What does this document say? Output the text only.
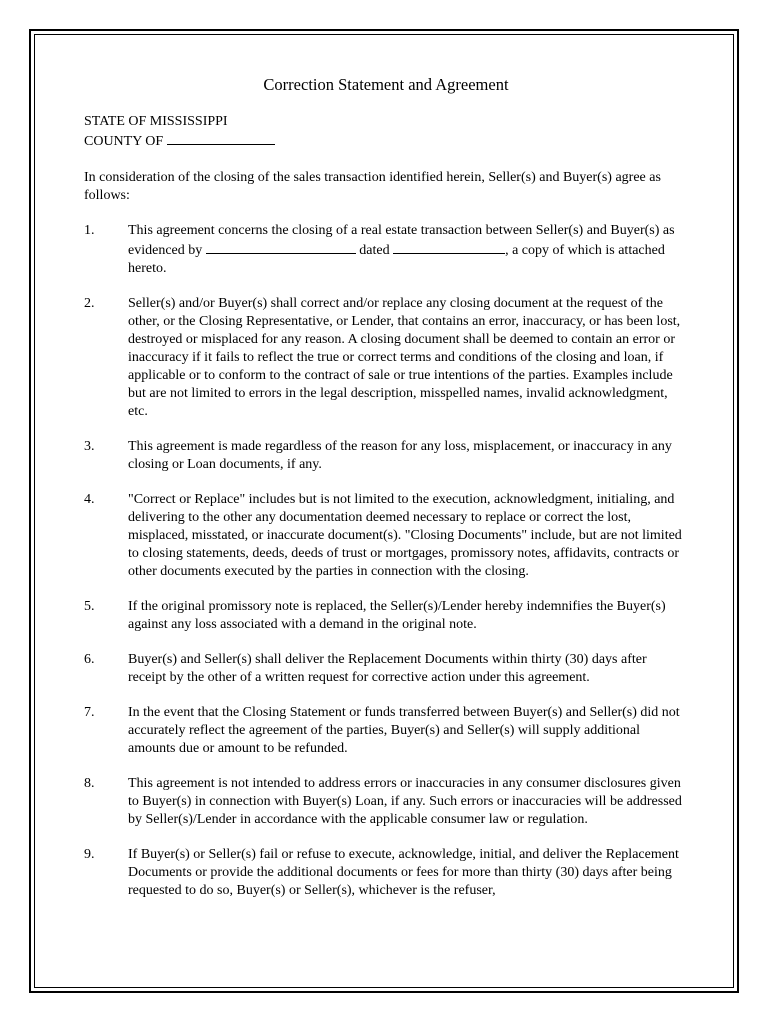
Correction Statement and Agreement
STATE OF MISSISSIPPI
COUNTY OF
In consideration of the closing of the sales transaction identified herein, Seller(s) and Buyer(s) agree as follows:
1.	This agreement concerns the closing of a real estate transaction between Seller(s) and Buyer(s) as evidenced by	dated	, a copy of which is attached hereto.
2.	Seller(s) and/or Buyer(s) shall correct and/or replace any closing document at the request of the other, or the Closing Representative, or Lender, that contains an error, inaccuracy, or has been lost, destroyed or misplaced for any reason. A closing document shall be deemed to contain an error or inaccuracy if it fails to reflect the true or correct terms and conditions of the closing and loan, if applicable or to conform to the contract of sale or true intentions of the parties. Examples include but are not limited to errors in the legal description, misspelled names, invalid acknowledgment, etc.
3.	This agreement is made regardless of the reason for any loss, misplacement, or inaccuracy in any closing or Loan documents, if any.
4.	"Correct or Replace" includes but is not limited to the execution, acknowledgment, initialing, and delivering to the other any documentation deemed necessary to replace or correct the lost, misplaced, misstated, or inaccurate document(s). "Closing Documents" include, but are not limited to closing statements, deeds, deeds of trust or mortgages, promissory notes, affidavits, contracts or other documents executed by the parties in connection with the closing.
5.	If the original promissory note is replaced, the Seller(s)/Lender hereby indemnifies the Buyer(s) against any loss associated with a demand in the original note.
6.	Buyer(s) and Seller(s) shall deliver the Replacement Documents within thirty (30) days after receipt by the other of a written request for corrective action under this agreement.
7.	In the event that the Closing Statement or funds transferred between Buyer(s) and Seller(s) did not accurately reflect the agreement of the parties, Buyer(s) and Seller(s) will supply additional amounts due or amount to be refunded.
8.	This agreement is not intended to address errors or inaccuracies in any consumer disclosures given to Buyer(s) in connection with Buyer(s) Loan, if any. Such errors or inaccuracies will be addressed by Seller(s)/Lender in accordance with the applicable consumer law or regulation.
9.	If Buyer(s) or Seller(s) fail or refuse to execute, acknowledge, initial, and deliver the Replacement Documents or provide the additional documents or fees for more than thirty (30) days after being requested to do so, Buyer(s) or Seller(s), whichever is the refuser,
